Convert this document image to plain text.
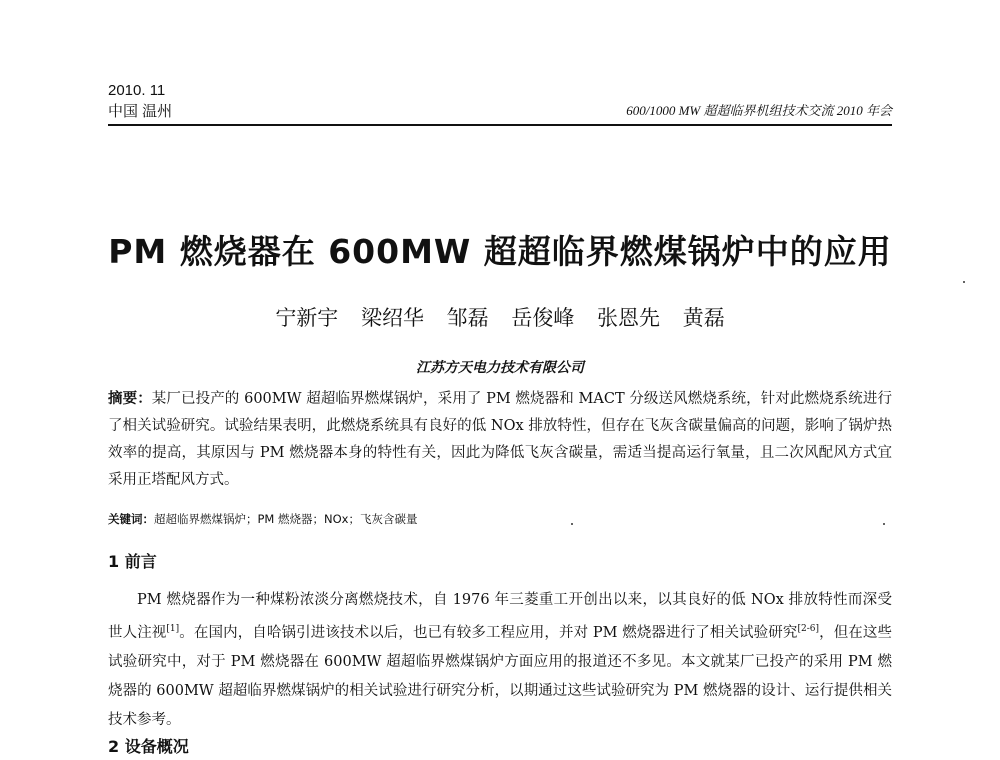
2010. 11
中国 温州	600/1000 MW 超超临界机组技术交流 2010 年会
PM 燃烧器在 600MW 超超临界燃煤锅炉中的应用
宁新宇 梁绍华 邹磊 岳俊峰 张恩先 黄磊
江苏方天电力技术有限公司
摘要：某厂已投产的 600MW 超超临界燃煤锅炉，采用了 PM 燃烧器和 MACT 分级送风燃烧系统，针对此燃烧系统进行了相关试验研究。试验结果表明，此燃烧系统具有良好的低 NOx 排放特性，但存在飞灰含碳量偏高的问题，影响了锅炉热效率的提高，其原因与 PM 燃烧器本身的特性有关，因此为降低飞灰含碳量，需适当提高运行氧量，且二次风配风方式宜采用正塔配风方式。
关键词：超超临界燃煤锅炉；PM 燃烧器；NOx；飞灰含碳量
1 前言
PM 燃烧器作为一种煤粉浓淡分离燃烧技术，自 1976 年三菱重工开创出以来，以其良好的低 NOx 排放特性而深受世人注视[1]。在国内，自哈锅引进该技术以后，也已有较多工程应用，并对 PM 燃烧器进行了相关试验研究[2-6]，但在这些试验研究中，对于 PM 燃烧器在 600MW 超超临界燃煤锅炉方面应用的报道还不多见。本文就某厂已投产的采用 PM 燃烧器的 600MW 超超临界燃煤锅炉的相关试验进行研究分析，以期通过这些试验研究为 PM 燃烧器的设计、运行提供相关技术参考。
2 设备概况
